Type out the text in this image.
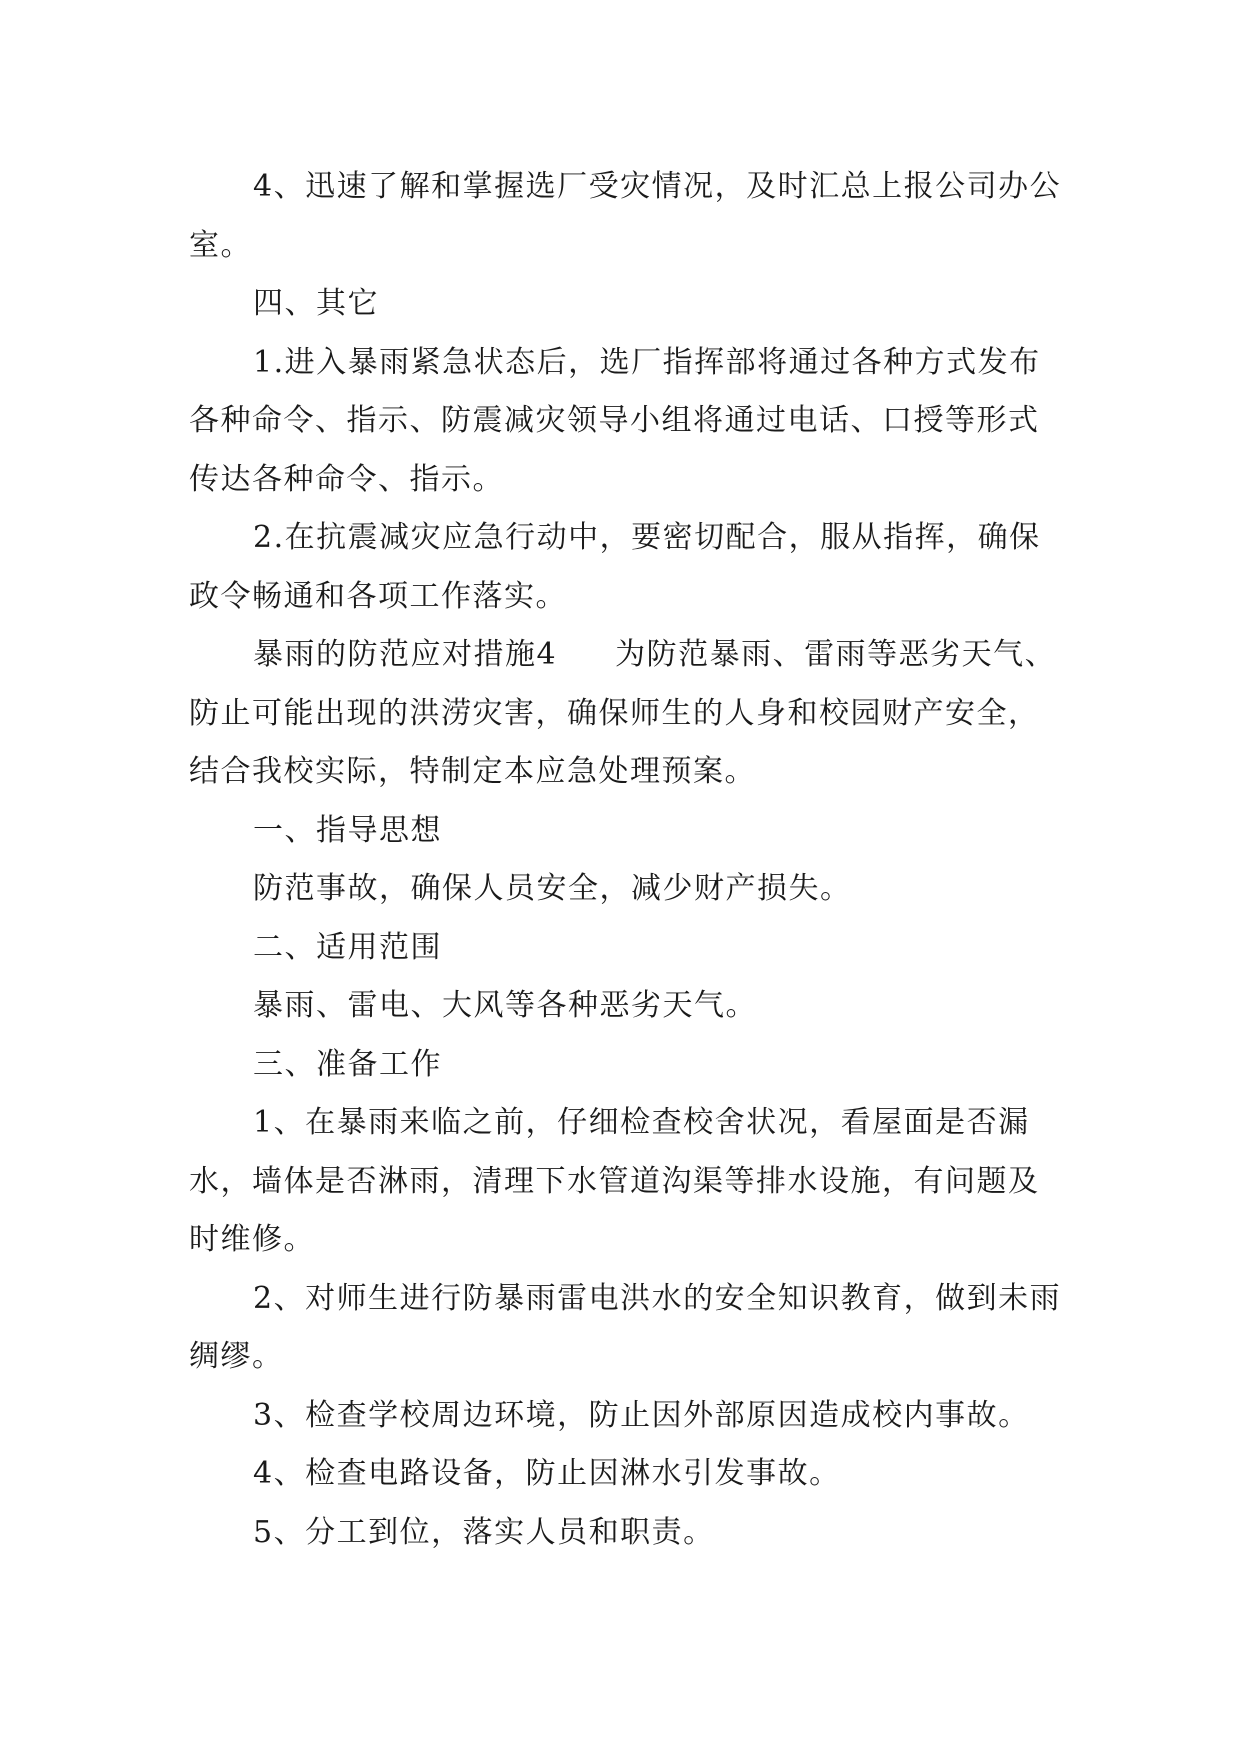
4、迅速了解和掌握选厂受灾情况，及时汇总上报公司办公室。

四、其它

1.进入暴雨紧急状态后，选厂指挥部将通过各种方式发布各种命令、指示、防震减灾领导小组将通过电话、口授等形式传达各种命令、指示。

2.在抗震减灾应急行动中，要密切配合，服从指挥，确保政令畅通和各项工作落实。

暴雨的防范应对措施4 为防范暴雨、雷雨等恶劣天气、防止可能出现的洪涝灾害，确保师生的人身和校园财产安全，结合我校实际，特制定本应急处理预案。

一、指导思想

防范事故，确保人员安全，减少财产损失。

二、适用范围

暴雨、雷电、大风等各种恶劣天气。

三、准备工作

1、在暴雨来临之前，仔细检查校舍状况，看屋面是否漏水，墙体是否淋雨，清理下水管道沟渠等排水设施，有问题及时维修。

2、对师生进行防暴雨雷电洪水的安全知识教育，做到未雨绸缪。

3、检查学校周边环境，防止因外部原因造成校内事故。

4、检查电路设备，防止因淋水引发事故。

5、分工到位，落实人员和职责。
